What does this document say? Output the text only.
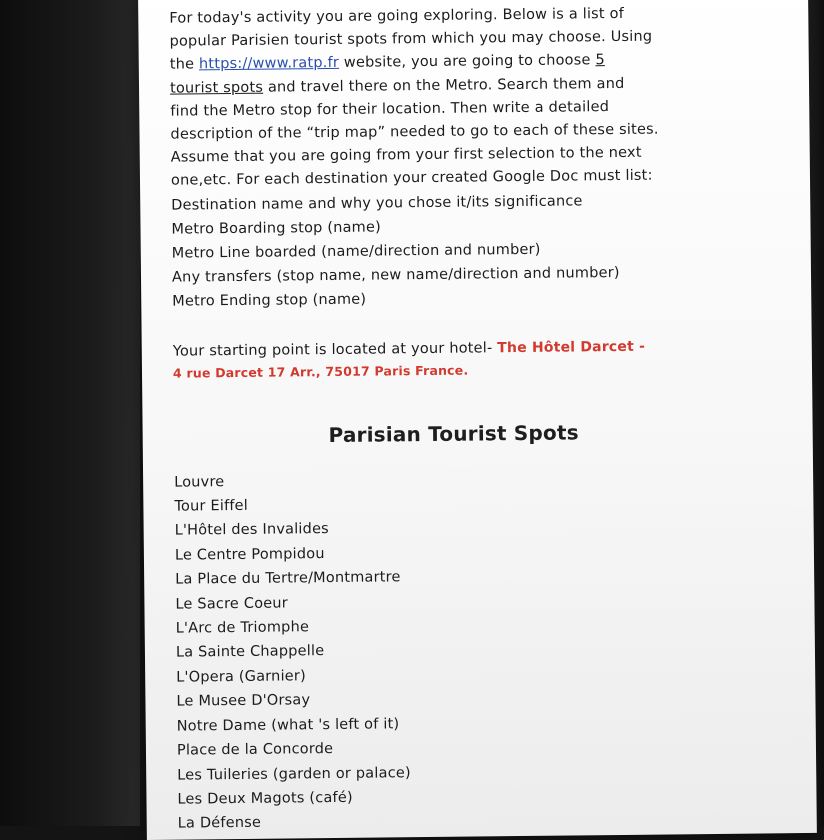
For today's activity you are going exploring. Below is a list of

popular Parisien tourist spots from which you may choose. Using

the https://www.ratp.fr website, you are going to choose 5

tourist spots and travel there on the Metro. Search them and

find the Metro stop for their location. Then write a detailed

description of the “trip map” needed to go to each of these sites.

Assume that you are going from your first selection to the next

one,etc. For each destination your created Google Doc must list:

Destination name and why you chose it/its significance
Metro Boarding stop (name)
Metro Line boarded (name/direction and number)
Any transfers (stop name, new name/direction and number)
Metro Ending stop (name)
Your starting point is located at your hotel- The Hôtel Darcet -
4 rue Darcet 17 Arr., 75017 Paris France.
Parisian Tourist Spots
Louvre
Tour Eiffel
L'Hôtel des Invalides
Le Centre Pompidou
La Place du Tertre/Montmartre
Le Sacre Coeur
L'Arc de Triomphe
La Sainte Chappelle
L'Opera (Garnier)
Le Musee D'Orsay
Notre Dame (what 's left of it)
Place de la Concorde
Les Tuileries (garden or palace)
Les Deux Magots (café)
La Défense
